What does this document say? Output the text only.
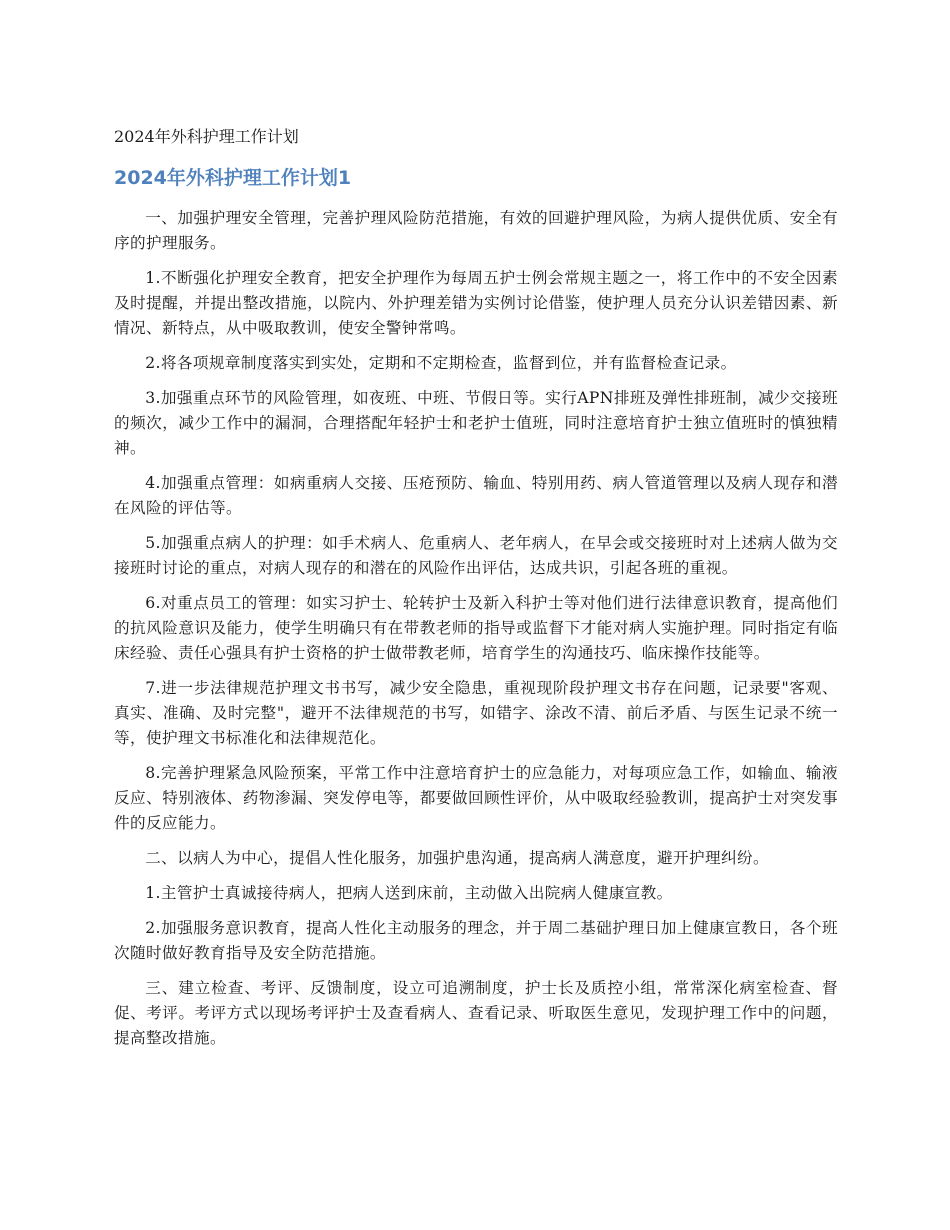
2024年外科护理工作计划
2024年外科护理工作计划1

一、加强护理安全管理，完善护理风险防范措施，有效的回避护理风险，为病人提供优质、安全有序的护理服务。

1.不断强化护理安全教育，把安全护理作为每周五护士例会常规主题之一，将工作中的不安全因素及时提醒，并提出整改措施，以院内、外护理差错为实例讨论借鉴，使护理人员充分认识差错因素、新情况、新特点，从中吸取教训，使安全警钟常鸣。

2.将各项规章制度落实到实处，定期和不定期检查，监督到位，并有监督检查记录。

3.加强重点环节的风险管理，如夜班、中班、节假日等。实行APN排班及弹性排班制，减少交接班的频次，减少工作中的漏洞，合理搭配年轻护士和老护士值班，同时注意培育护士独立值班时的慎独精神。

4.加强重点管理：如病重病人交接、压疮预防、输血、特别用药、病人管道管理以及病人现存和潜在风险的评估等。

5.加强重点病人的护理：如手术病人、危重病人、老年病人，在早会或交接班时对上述病人做为交接班时讨论的重点，对病人现存的和潜在的风险作出评估，达成共识，引起各班的重视。

6.对重点员工的管理：如实习护士、轮转护士及新入科护士等对他们进行法律意识教育，提高他们的抗风险意识及能力，使学生明确只有在带教老师的指导或监督下才能对病人实施护理。同时指定有临床经验、责任心强具有护士资格的护士做带教老师，培育学生的沟通技巧、临床操作技能等。

7.进一步法律规范护理文书书写，减少安全隐患，重视现阶段护理文书存在问题，记录要"客观、真实、准确、及时完整"，避开不法律规范的书写，如错字、涂改不清、前后矛盾、与医生记录不统一等，使护理文书标准化和法律规范化。

8.完善护理紧急风险预案，平常工作中注意培育护士的应急能力，对每项应急工作，如输血、输液反应、特别液体、药物渗漏、突发停电等，都要做回顾性评价，从中吸取经验教训，提高护士对突发事件的反应能力。

二、以病人为中心，提倡人性化服务，加强护患沟通，提高病人满意度，避开护理纠纷。

1.主管护士真诚接待病人，把病人送到床前，主动做入出院病人健康宣教。

2.加强服务意识教育，提高人性化主动服务的理念，并于周二基础护理日加上健康宣教日，各个班次随时做好教育指导及安全防范措施。

三、建立检查、考评、反馈制度，设立可追溯制度，护士长及质控小组，常常深化病室检查、督促、考评。考评方式以现场考评护士及查看病人、查看记录、听取医生意见，发现护理工作中的问题，提高整改措施。
